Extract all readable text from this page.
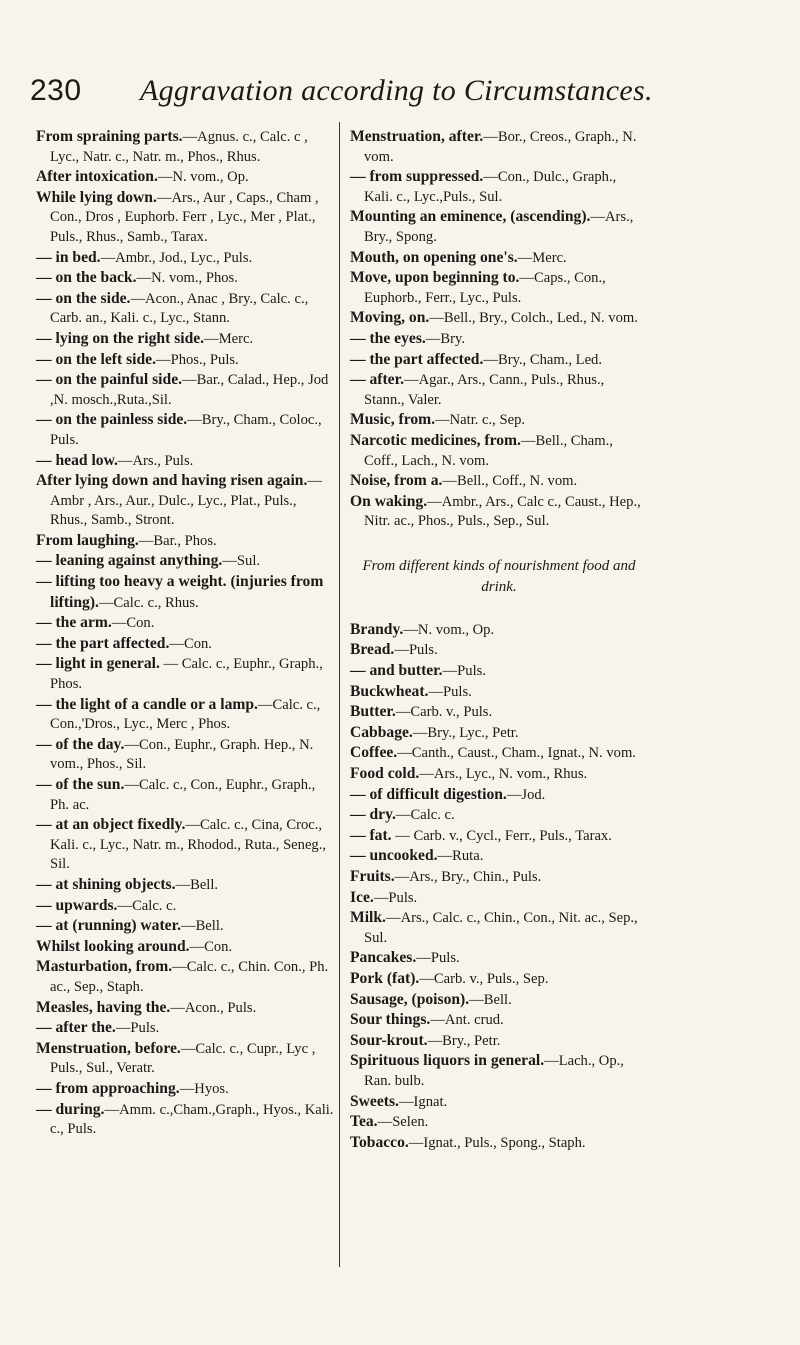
230 Aggravation according to Circumstances.
From spraining parts.—Agnus. c., Calc. c , Lyc., Natr. c., Natr. m., Phos., Rhus.
After intoxication.—N. vom., Op.
While lying down.—Ars., Aur , Caps., Cham , Con., Dros , Euphorb. Ferr , Lyc., Mer , Plat., Puls., Rhus., Samb., Tarax.
— in bed.—Ambr., Jod., Lyc., Puls.
— on the back.—N. vom., Phos.
— on the side.—Acon., Anac , Bry., Calc. c., Carb. an., Kali. c., Lyc., Stann.
— lying on the right side.—Merc.
— on the left side.—Phos., Puls.
— on the painful side.—Bar., Calad., Hep., Jod ,N. mosch.,Ruta.,Sil.
— on the painless side.—Bry., Cham., Coloc., Puls.
— head low.—Ars., Puls.
After lying down and having risen again.—Ambr , Ars., Aur., Dulc., Lyc., Plat., Puls., Rhus., Samb., Stront.
From laughing.—Bar., Phos.
— leaning against anything.—Sul.
— lifting too heavy a weight. (injuries from lifting).—Calc. c., Rhus.
— the arm.—Con.
— the part affected.—Con.
— light in general. — Calc. c., Euphr., Graph., Phos.
— the light of a candle or a lamp.—Calc. c., Con.,'Dros., Lyc., Merc , Phos.
— of the day.—Con., Euphr., Graph. Hep., N. vom., Phos., Sil.
— of the sun.—Calc. c., Con., Euphr., Graph., Ph. ac.
— at an object fixedly.—Calc. c., Cina, Croc., Kali. c., Lyc., Natr. m., Rhodod., Ruta., Seneg., Sil.
— at shining objects.—Bell.
— upwards.—Calc. c.
— at (running) water.—Bell.
Whilst looking around.—Con.
Masturbation, from.—Calc. c., Chin. Con., Ph. ac., Sep., Staph.
Measles, having the.—Acon., Puls.
— after the.—Puls.
Menstruation, before.—Calc. c., Cupr., Lyc , Puls., Sul., Veratr.
— from approaching.—Hyos.
— during.—Amm. c.,Cham.,Graph., Hyos., Kali. c., Puls.
Menstruation, after.—Bor., Creos., Graph., N. vom.
— from suppressed.—Con., Dulc., Graph., Kali. c., Lyc.,Puls., Sul.
Mounting an eminence, (ascending).—Ars., Bry., Spong.
Mouth, on opening one's.—Merc.
Move, upon beginning to.—Caps., Con., Euphorb., Ferr., Lyc., Puls.
Moving, on.—Bell., Bry., Colch., Led., N. vom.
— the eyes.—Bry.
— the part affected.—Bry., Cham., Led.
— after.—Agar., Ars., Cann., Puls., Rhus., Stann., Valer.
Music, from.—Natr. c., Sep.
Narcotic medicines, from.—Bell., Cham., Coff., Lach., N. vom.
Noise, from a.—Bell., Coff., N. vom.
On waking.—Ambr., Ars., Calc c., Caust., Hep., Nitr. ac., Phos., Puls., Sep., Sul.
From different kinds of nourishment food and drink.
Brandy.—N. vom., Op.
Bread.—Puls.
— and butter.—Puls.
Buckwheat.—Puls.
Butter.—Carb. v., Puls.
Cabbage.—Bry., Lyc., Petr.
Coffee.—Canth., Caust., Cham., Ignat., N. vom.
Food cold.—Ars., Lyc., N. vom., Rhus.
— of difficult digestion.—Jod.
— dry.—Calc. c.
— fat. — Carb. v., Cycl., Ferr., Puls., Tarax.
— uncooked.—Ruta.
Fruits.—Ars., Bry., Chin., Puls.
Ice.—Puls.
Milk.—Ars., Calc. c., Chin., Con., Nit. ac., Sep., Sul.
Pancakes.—Puls.
Pork (fat).—Carb. v., Puls., Sep.
Sausage, (poison).—Bell.
Sour things.—Ant. crud.
Sour-krout.—Bry., Petr.
Spirituous liquors in general.—Lach., Op., Ran. bulb.
Sweets.—Ignat.
Tea.—Selen.
Tobacco.—Ignat., Puls., Spong., Staph.
